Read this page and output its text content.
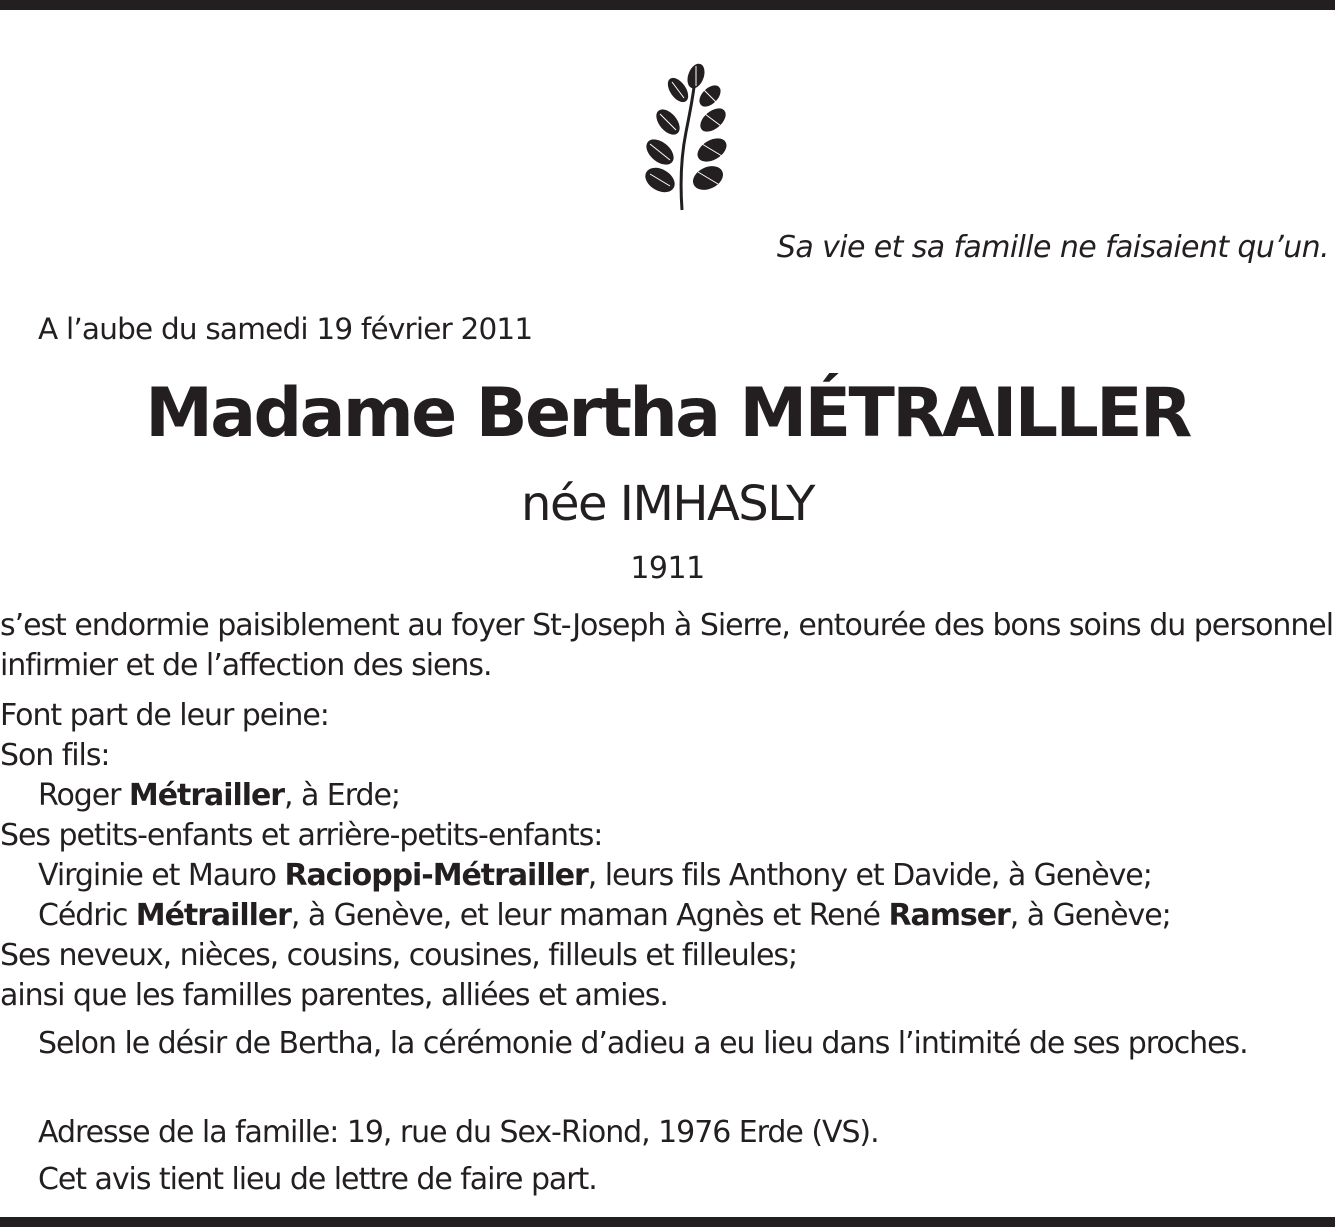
Sa vie et sa famille ne faisaient qu’un.

A l’aube du samedi 19 février 2011

Madame Bertha MÉTRAILLER

née IMHASLY

1911

s’est endormie paisiblement au foyer St-Joseph à Sierre, entourée des bons soins du personnel infirmier et de l’affection des siens.

Font part de leur peine:

Son fils:

Roger Métrailler, à Erde;

Ses petits-enfants et arrière-petits-enfants:

Virginie et Mauro Racioppi-Métrailler, leurs fils Anthony et Davide, à Genève;

Cédric Métrailler, à Genève, et leur maman Agnès et René Ramser, à Genève;

Ses neveux, nièces, cousins, cousines, filleuls et filleules;

ainsi que les familles parentes, alliées et amies.

Selon le désir de Bertha, la cérémonie d’adieu a eu lieu dans l’intimité de ses proches.

Adresse de la famille: 19, rue du Sex-Riond, 1976 Erde (VS).

Cet avis tient lieu de lettre de faire part.
